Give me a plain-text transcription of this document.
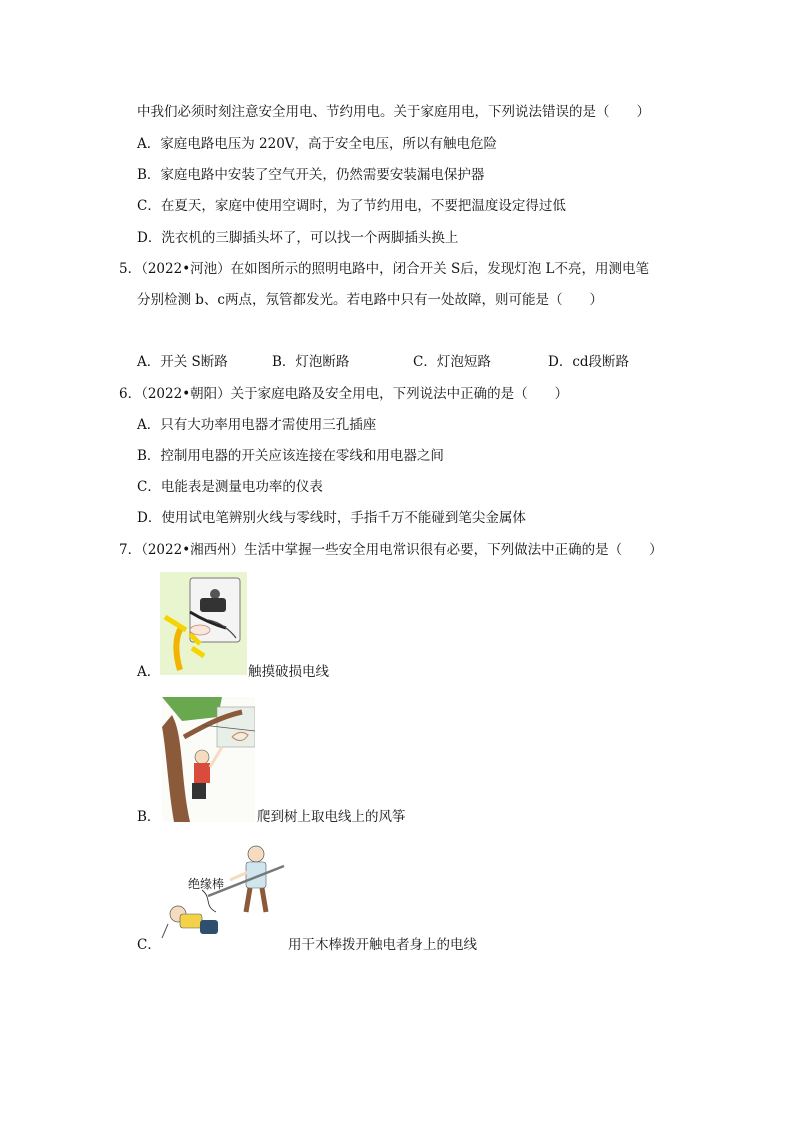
中我们必须时刻注意安全用电、节约用电。关于家庭用电，下列说法错误的是（　　）
A．家庭电路电压为 220V，高于安全电压，所以有触电危险
B．家庭电路中安装了空气开关，仍然需要安装漏电保护器
C．在夏天，家庭中使用空调时，为了节约用电，不要把温度设定得过低
D．洗衣机的三脚插头坏了，可以找一个两脚插头换上
5．（2022•河池）在如图所示的照明电路中，闭合开关 S后，发现灯泡 L不亮，用测电笔
分别检测 b、c两点，氖管都发光。若电路中只有一处故障，则可能是（　　）
A．开关 S断路	B．灯泡断路	C．灯泡短路	D．cd段断路
6．（2022•朝阳）关于家庭电路及安全用电，下列说法中正确的是（　　）
A．只有大功率用电器才需使用三孔插座
B．控制用电器的开关应该连接在零线和用电器之间
C．电能表是测量电功率的仪表
D．使用试电笔辨别火线与零线时，手指千万不能碰到笔尖金属体
7．（2022•湘西州）生活中掌握一些安全用电常识很有必要，下列做法中正确的是（　　）
A．	触摸破损电线
B．	爬到树上取电线上的风筝
绝缘棒
C．	用干木棒拨开触电者身上的电线
